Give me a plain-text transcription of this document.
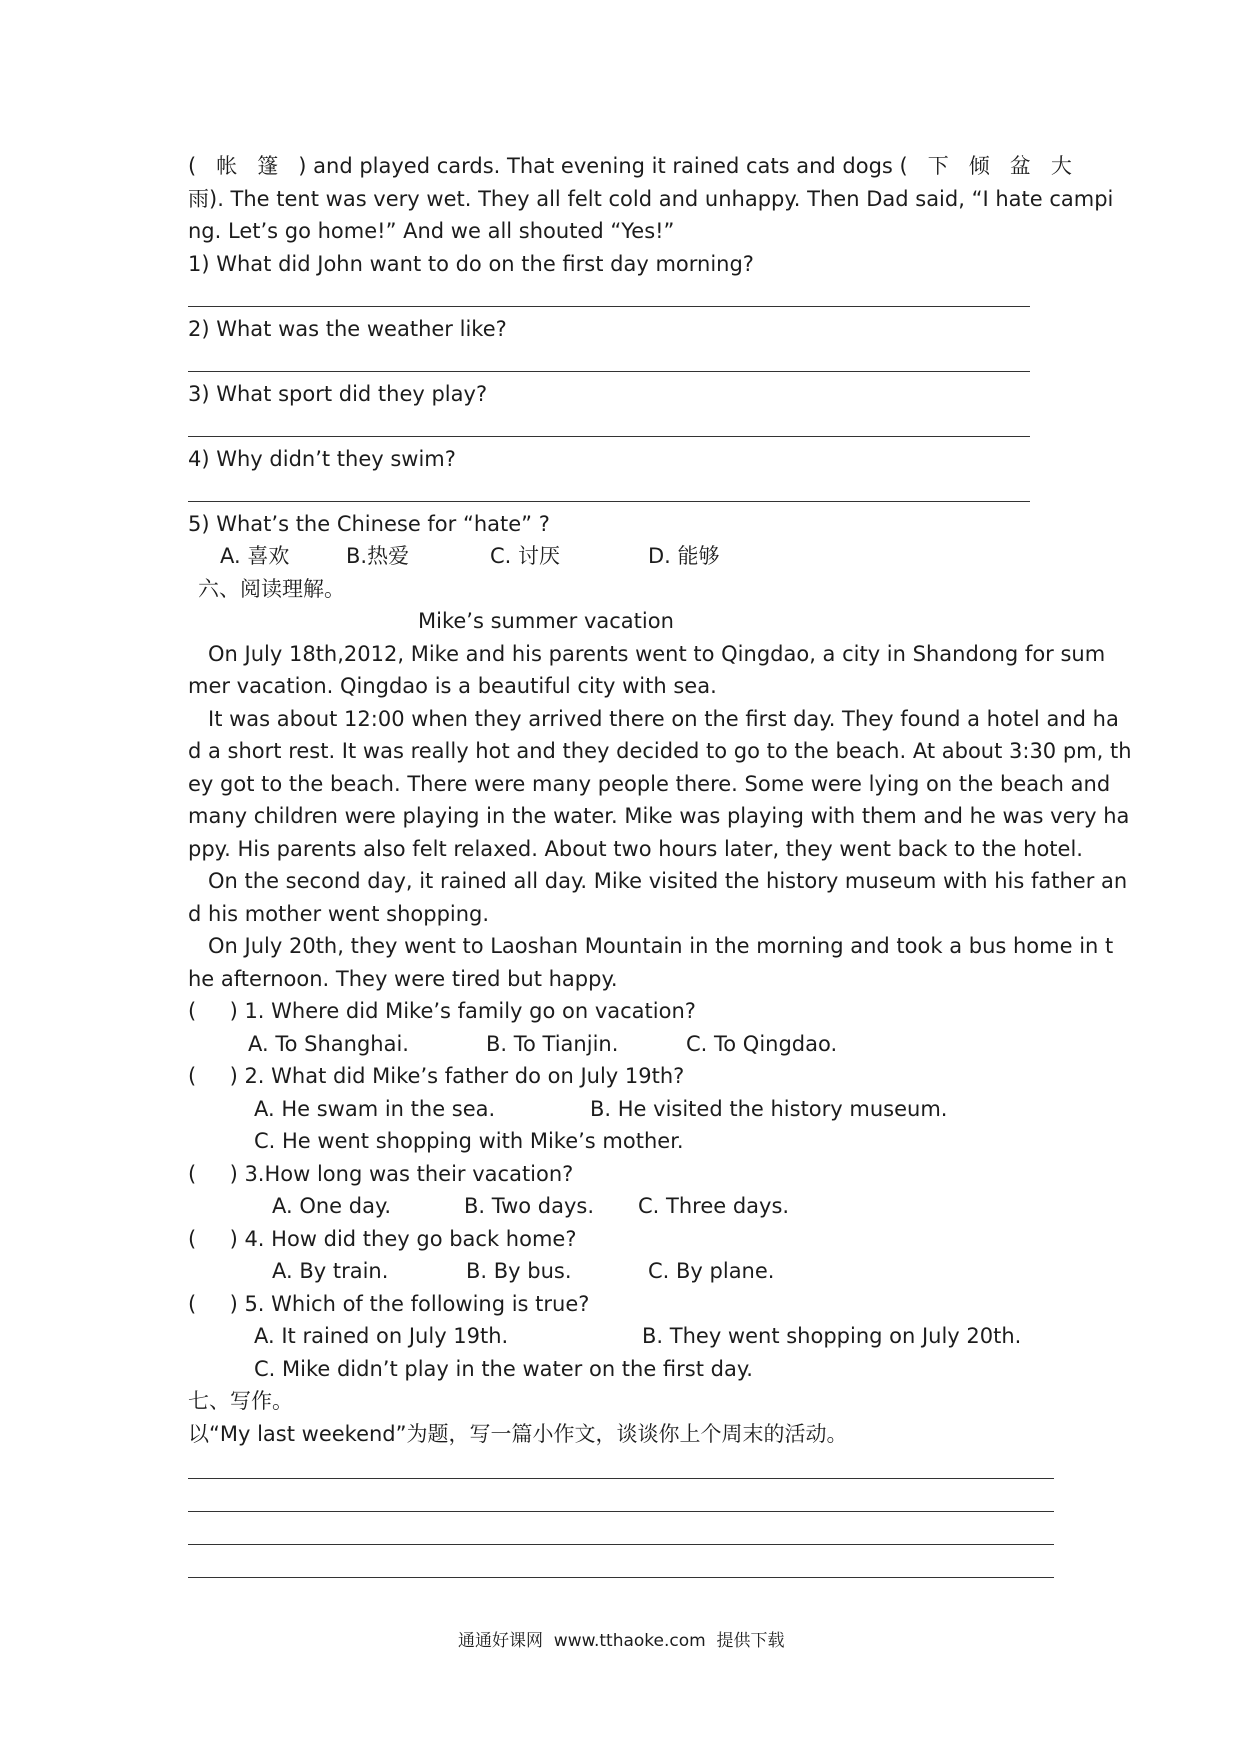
(   帐   篷   ) and played cards. That evening it rained cats and dogs (   下   倾   盆   大
雨). The tent was very wet. They all felt cold and unhappy. Then Dad said, “I hate campi
ng. Let’s go home!” And we all shouted “Yes!”
1) What did John want to do on the first day morning?
2) What was the weather like?
3) What sport did they play?
4) Why didn’t they swim?
5) What’s the Chinese for “hate” ?
A. 喜欢	B.热爱	C. 讨厌	D. 能够
六、阅读理解。
Mike’s summer vacation
On July 18th,2012, Mike and his parents went to Qingdao, a city in Shandong for sum
mer vacation. Qingdao is a beautiful city with sea.
It was about 12:00 when they arrived there on the first day. They found a hotel and ha
d a short rest. It was really hot and they decided to go to the beach. At about 3:30 pm, th
ey got to the beach. There were many people there. Some were lying on the beach and
many children were playing in the water. Mike was playing with them and he was very ha
ppy. His parents also felt relaxed. About two hours later, they went back to the hotel.
On the second day, it rained all day. Mike visited the history museum with his father an
d his mother went shopping.
On July 20th, they went to Laoshan Mountain in the morning and took a bus home in t
he afternoon. They were tired but happy.
(     ) 1. Where did Mike’s family go on vacation?
A. To Shanghai.	B. To Tianjin.	C. To Qingdao.
(     ) 2. What did Mike’s father do on July 19th?
A. He swam in the sea.	B. He visited the history museum.
C. He went shopping with Mike’s mother.
(     ) 3.How long was their vacation?
A. One day.	B. Two days. C. Three days.
(     ) 4. How did they go back home?
A. By train.	B. By bus.	C. By plane.
(     ) 5. Which of the following is true?
A. It rained on July 19th.	B. They went shopping on July 20th.
C. Mike didn’t play in the water on the first day.
七、写作。
以“My last weekend”为题，写一篇小作文，谈谈你上个周末的活动。
通通好课网  www.tthaoke.com  提供下载
